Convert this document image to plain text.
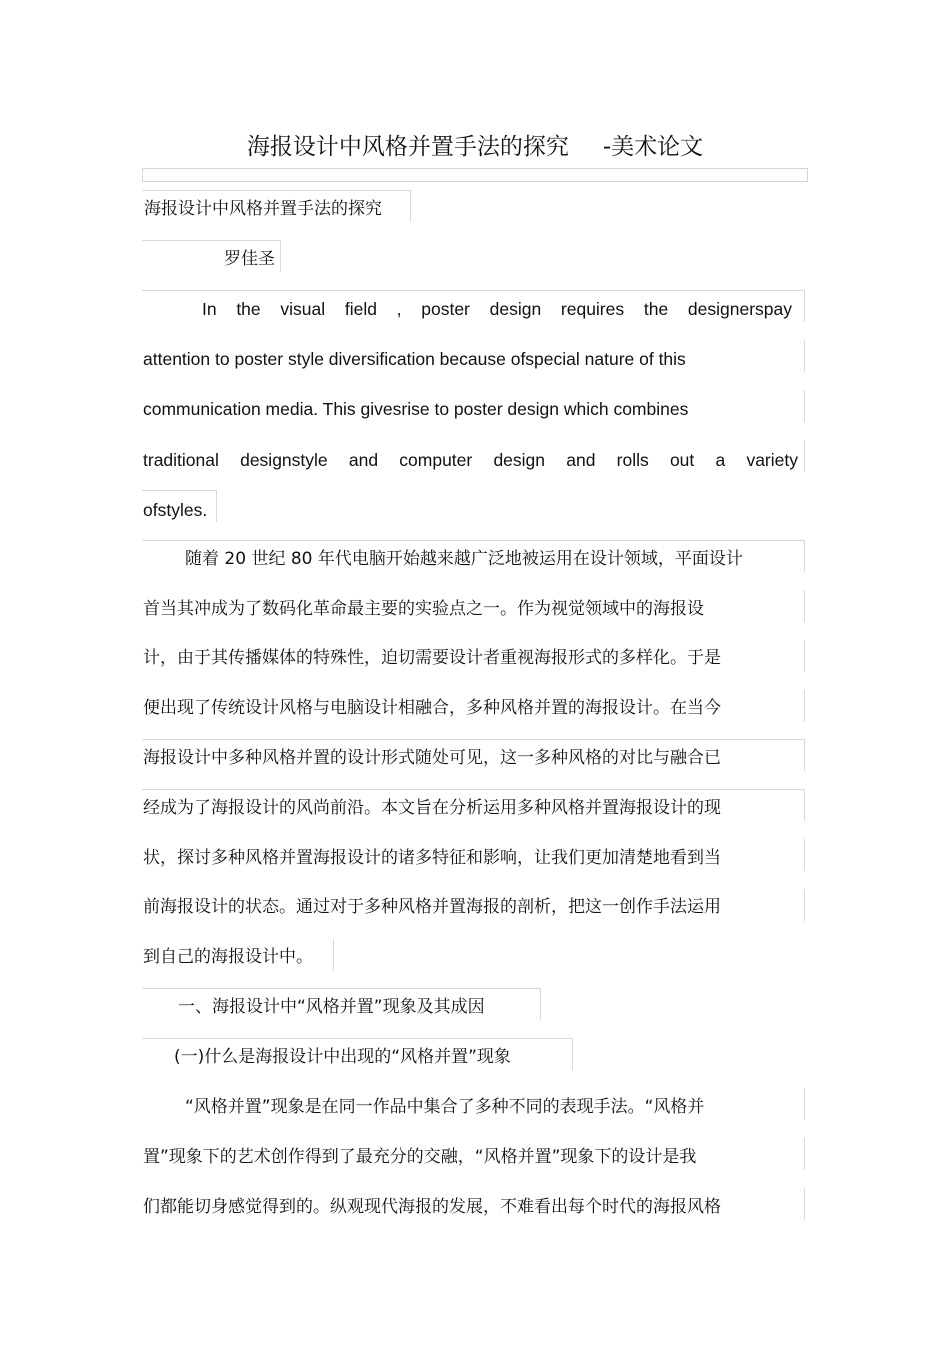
海报设计中风格并置手法的探究 -美术论文
海报设计中风格并置手法的探究
罗佳圣
In the visual field , poster design requires the designerspay
attention to poster style diversification because ofspecial nature of this
communication media. This givesrise to poster design which combines
traditional designstyle and computer design and rolls out a variety
ofstyles.
随着 20 世纪 80 年代电脑开始越来越广泛地被运用在设计领域，平面设计
首当其冲成为了数码化革命最主要的实验点之一。作为视觉领域中的海报设
计，由于其传播媒体的特殊性，迫切需要设计者重视海报形式的多样化。于是
便出现了传统设计风格与电脑设计相融合，多种风格并置的海报设计。在当今
海报设计中多种风格并置的设计形式随处可见，这一多种风格的对比与融合已
经成为了海报设计的风尚前沿。本文旨在分析运用多种风格并置海报设计的现
状，探讨多种风格并置海报设计的诸多特征和影响，让我们更加清楚地看到当
前海报设计的状态。通过对于多种风格并置海报的剖析，把这一创作手法运用
到自己的海报设计中。
一、海报设计中“风格并置”现象及其成因
(一)什么是海报设计中出现的“风格并置”现象
“风格并置”现象是在同一作品中集合了多种不同的表现手法。“风格并
置”现象下的艺术创作得到了最充分的交融，“风格并置”现象下的设计是我
们都能切身感觉得到的。纵观现代海报的发展，不难看出每个时代的海报风格
